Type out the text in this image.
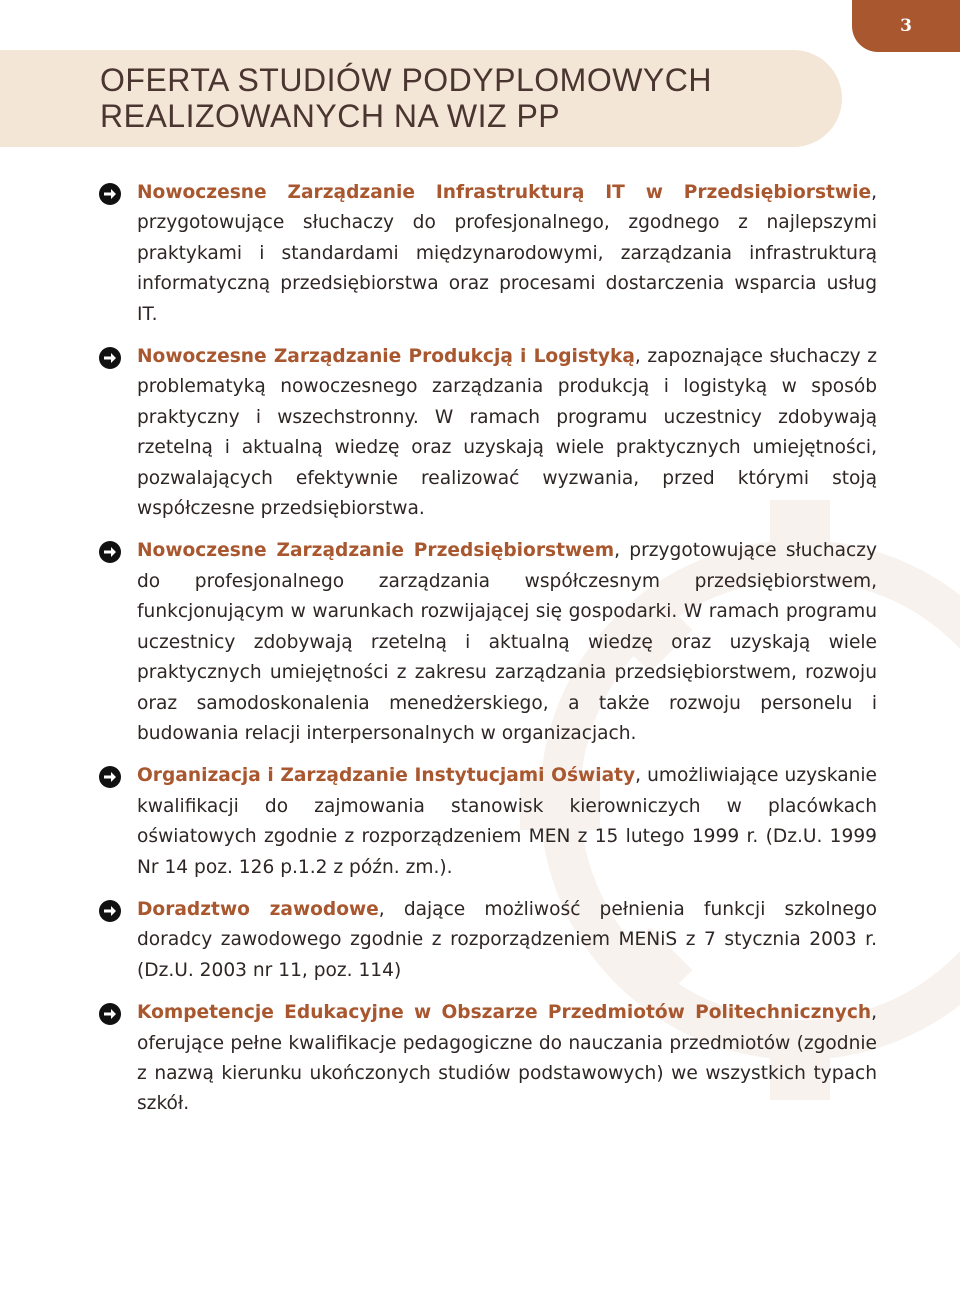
3
OFERTA STUDIÓW PODYPLOMOWYCH
REALIZOWANYCH NA WIZ PP

Nowoczesne Zarządzanie Infrastrukturą IT w Przedsiębiorstwie, przygotowujące słuchaczy do profesjonalnego, zgodnego z najlepszymi praktykami i standardami międzynarodowymi, zarządzania infrastrukturą informatyczną przedsiębiorstwa oraz procesami dostarczenia wsparcia usług IT.

Nowoczesne Zarządzanie Produkcją i Logistyką, zapoznające słuchaczy z problematyką nowoczesnego zarządzania produkcją i logistyką w sposób praktyczny i wszechstronny. W ramach programu uczestnicy zdobywają rzetelną i aktualną wiedzę oraz uzyskają wiele praktycznych umiejętności, pozwalających efektywnie realizować wyzwania, przed którymi stoją współczesne przedsiębiorstwa.

Nowoczesne Zarządzanie Przedsiębiorstwem, przygotowujące słuchaczy do profesjonalnego zarządzania współczesnym przedsiębiorstwem, funkcjonującym w warunkach rozwijającej się gospodarki. W ramach programu uczestnicy zdobywają rzetelną i aktualną wiedzę oraz uzyskają wiele praktycznych umiejętności z zakresu zarządzania przedsiębiorstwem, rozwoju oraz samodoskonalenia menedżerskiego, a także rozwoju personelu i budowania relacji interpersonalnych w organizacjach.

Organizacja i Zarządzanie Instytucjami Oświaty, umożliwiające uzyskanie kwalifikacji do zajmowania stanowisk kierowniczych w placówkach oświatowych zgodnie z rozporządzeniem MEN z 15 lutego 1999 r. (Dz.U. 1999 Nr 14 poz. 126 p.1.2 z późn. zm.).

Doradztwo zawodowe, dające możliwość pełnienia funkcji szkolnego doradcy zawodowego zgodnie z rozporządzeniem MENiS z 7 stycznia 2003 r. (Dz.U. 2003 nr 11, poz. 114)

Kompetencje Edukacyjne w Obszarze Przedmiotów Politechnicznych, oferujące pełne kwalifikacje pedagogiczne do nauczania przedmiotów (zgodnie z nazwą kierunku ukończonych studiów podstawowych) we wszystkich typach szkół.
